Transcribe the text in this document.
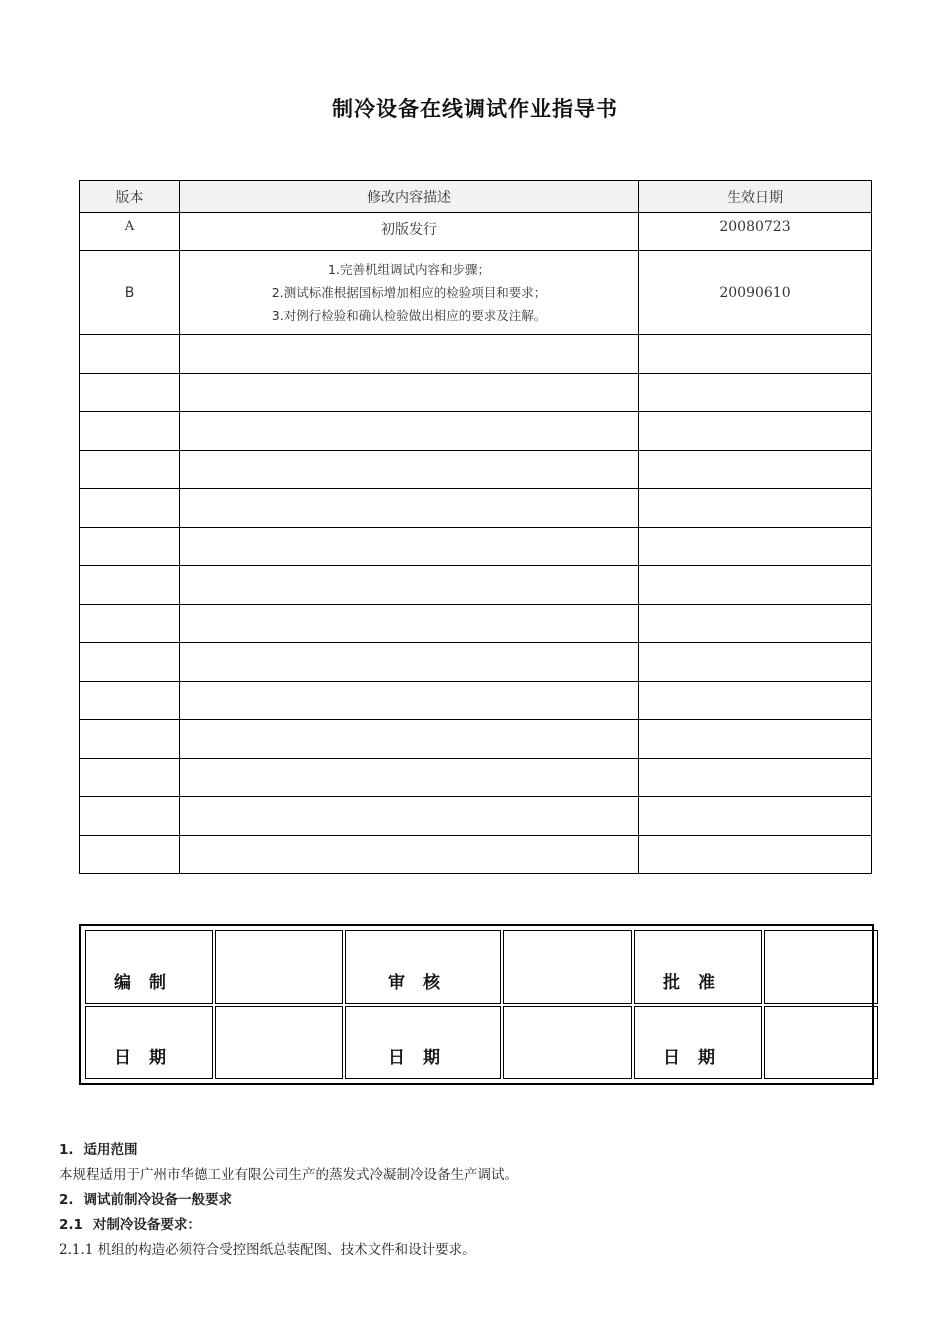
制冷设备在线调试作业指导书
版本	修改内容描述	生效日期
A	初版发行	20080723
B	1.完善机组调试内容和步骤；
2.测试标准根据国标增加相应的检验项目和要求；
3.对例行检验和确认检验做出相应的要求及注解。	20090610

编制		审核		批准	
日期		日期		日期	
1. 适用范围
本规程适用于广州市华德工业有限公司生产的蒸发式冷凝制冷设备生产调试。
2. 调试前制冷设备一般要求
2.1 对制冷设备要求：
2.1.1 机组的构造必须符合受控图纸总装配图、技术文件和设计要求。
